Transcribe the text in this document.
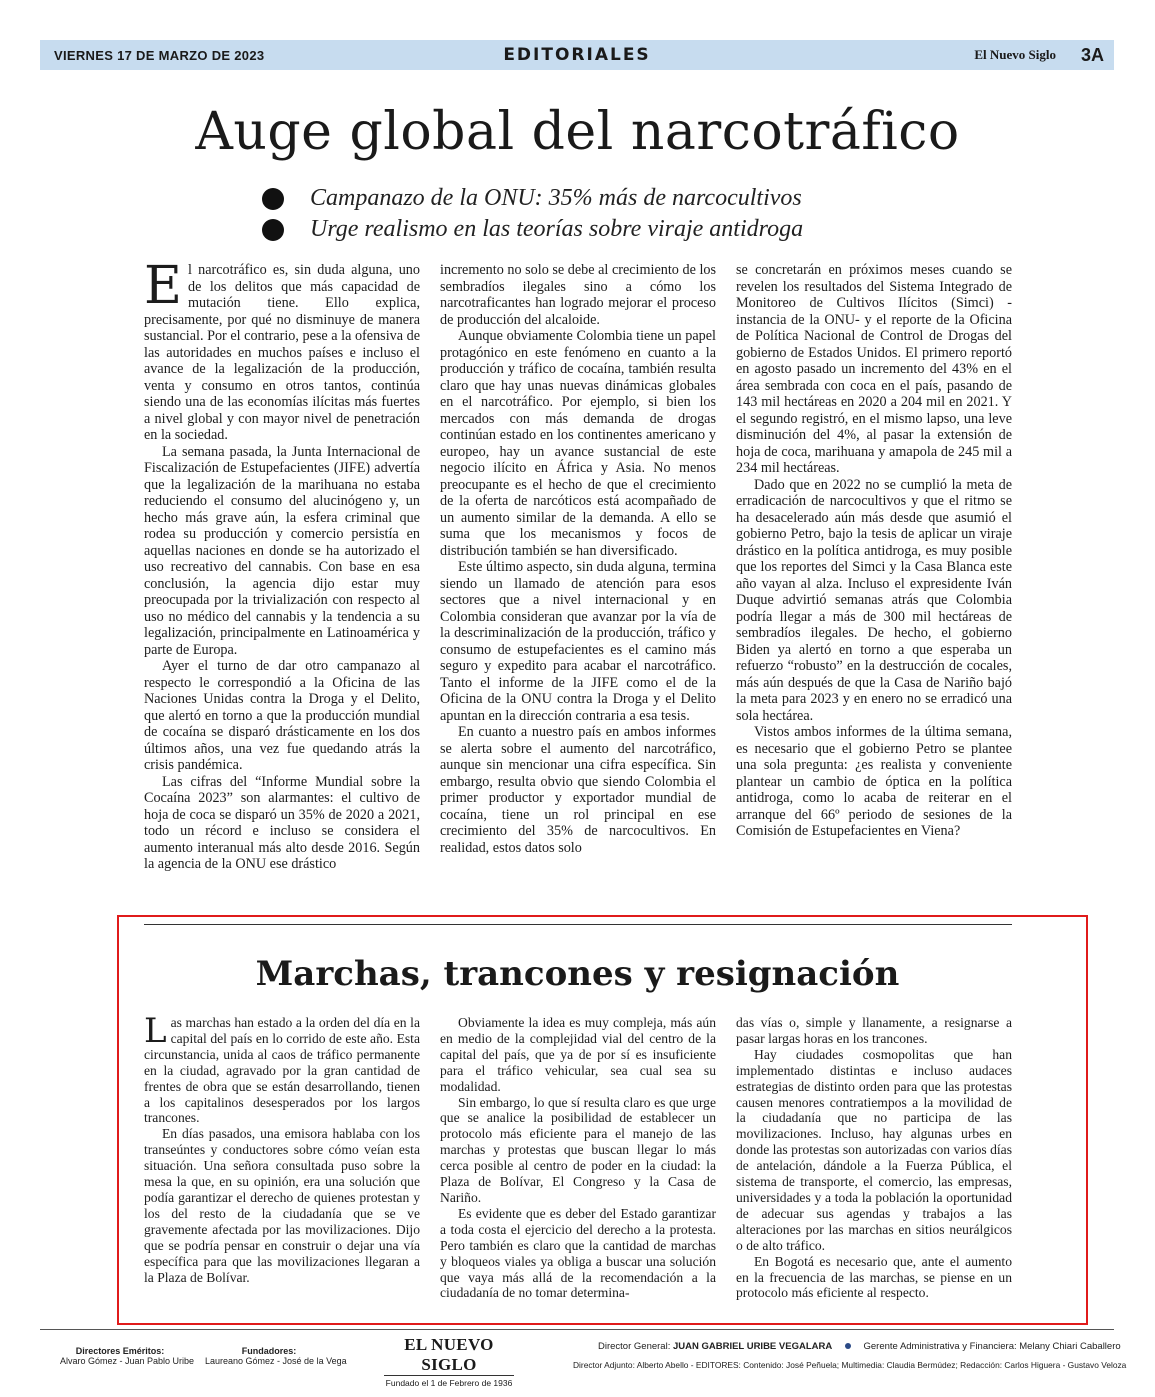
VIERNES 17 DE MARZO DE 2023	EDITORIALES	El Nuevo Siglo 3A
Auge global del narcotráfico
Campanazo de la ONU: 35% más de narcocultivos
Urge realismo en las teorías sobre viraje antidroga

El narcotráfico es, sin duda alguna, uno de los delitos que más capacidad de mutación tiene. Ello explica, precisamente, por qué no disminuye de manera sustancial. Por el contrario, pese a la ofensiva de las autoridades en muchos países e incluso el avance de la legalización de la producción, venta y consumo en otros tantos, continúa siendo una de las economías ilícitas más fuertes a nivel global y con mayor nivel de penetración en la sociedad.

La semana pasada, la Junta Internacional de Fiscalización de Estupefacientes (JIFE) advertía que la legalización de la marihuana no estaba reduciendo el consumo del alucinógeno y, un hecho más grave aún, la esfera criminal que rodea su producción y comercio persistía en aquellas naciones en donde se ha autorizado el uso recreativo del cannabis. Con base en esa conclusión, la agencia dijo estar muy preocupada por la trivialización con respecto al uso no médico del cannabis y la tendencia a su legalización, principalmente en Latinoamérica y parte de Europa.

Ayer el turno de dar otro campanazo al respecto le correspondió a la Oficina de las Naciones Unidas contra la Droga y el Delito, que alertó en torno a que la producción mundial de cocaína se disparó drásticamente en los dos últimos años, una vez fue quedando atrás la crisis pandémica.

Las cifras del “Informe Mundial sobre la Cocaína 2023” son alarmantes: el cultivo de hoja de coca se disparó un 35% de 2020 a 2021, todo un récord e incluso se considera el aumento interanual más alto desde 2016. Según la agencia de la ONU ese drástico

incremento no solo se debe al crecimiento de los sembradíos ilegales sino a cómo los narcotraficantes han logrado mejorar el proceso de producción del alcaloide.

Aunque obviamente Colombia tiene un papel protagónico en este fenómeno en cuanto a la producción y tráfico de cocaína, también resulta claro que hay unas nuevas dinámicas globales en el narcotráfico. Por ejemplo, si bien los mercados con más demanda de drogas continúan estado en los continentes americano y europeo, hay un avance sustancial de este negocio ilícito en África y Asia. No menos preocupante es el hecho de que el crecimiento de la oferta de narcóticos está acompañado de un aumento similar de la demanda. A ello se suma que los mecanismos y focos de distribución también se han diversificado.

Este último aspecto, sin duda alguna, termina siendo un llamado de atención para esos sectores que a nivel internacional y en Colombia consideran que avanzar por la vía de la descriminalización de la producción, tráfico y consumo de estupefacientes es el camino más seguro y expedito para acabar el narcotráfico. Tanto el informe de la JIFE como el de la Oficina de la ONU contra la Droga y el Delito apuntan en la dirección contraria a esa tesis.

En cuanto a nuestro país en ambos informes se alerta sobre el aumento del narcotráfico, aunque sin mencionar una cifra específica. Sin embargo, resulta obvio que siendo Colombia el primer productor y exportador mundial de cocaína, tiene un rol principal en ese crecimiento del 35% de narcocultivos. En realidad, estos datos solo

se concretarán en próximos meses cuando se revelen los resultados del Sistema Integrado de Monitoreo de Cultivos Ilícitos (Simci) -instancia de la ONU- y el reporte de la Oficina de Política Nacional de Control de Drogas del gobierno de Estados Unidos. El primero reportó en agosto pasado un incremento del 43% en el área sembrada con coca en el país, pasando de 143 mil hectáreas en 2020 a 204 mil en 2021. Y el segundo registró, en el mismo lapso, una leve disminución del 4%, al pasar la extensión de hoja de coca, marihuana y amapola de 245 mil a 234 mil hectáreas.

Dado que en 2022 no se cumplió la meta de erradicación de narcocultivos y que el ritmo se ha desacelerado aún más desde que asumió el gobierno Petro, bajo la tesis de aplicar un viraje drástico en la política antidroga, es muy posible que los reportes del Simci y la Casa Blanca este año vayan al alza. Incluso el expresidente Iván Duque advirtió semanas atrás que Colombia podría llegar a más de 300 mil hectáreas de sembradíos ilegales. De hecho, el gobierno Biden ya alertó en torno a que esperaba un refuerzo “robusto” en la destrucción de cocales, más aún después de que la Casa de Nariño bajó la meta para 2023 y en enero no se erradicó una sola hectárea.

Vistos ambos informes de la última semana, es necesario que el gobierno Petro se plantee una sola pregunta: ¿es realista y conveniente plantear un cambio de óptica en la política antidroga, como lo acaba de reiterar en el arranque del 66º periodo de sesiones de la Comisión de Estupefacientes en Viena?

Marchas, trancones y resignación

Las marchas han estado a la orden del día en la capital del país en lo corrido de este año. Esta circunstancia, unida al caos de tráfico permanente en la ciudad, agravado por la gran cantidad de frentes de obra que se están desarrollando, tienen a los capitalinos desesperados por los largos trancones.

En días pasados, una emisora hablaba con los transeúntes y conductores sobre cómo veían esta situación. Una señora consultada puso sobre la mesa la que, en su opinión, era una solución que podía garantizar el derecho de quienes protestan y los del resto de la ciudadanía que se ve gravemente afectada por las movilizaciones. Dijo que se podría pensar en construir o dejar una vía específica para que las movilizaciones llegaran a la Plaza de Bolívar.

Obviamente la idea es muy compleja, más aún en medio de la complejidad vial del centro de la capital del país, que ya de por sí es insuficiente para el tráfico vehicular, sea cual sea su modalidad.

Sin embargo, lo que sí resulta claro es que urge que se analice la posibilidad de establecer un protocolo más eficiente para el manejo de las marchas y protestas que buscan llegar lo más cerca posible al centro de poder en la ciudad: la Plaza de Bolívar, El Congreso y la Casa de Nariño.

Es evidente que es deber del Estado garantizar a toda costa el ejercicio del derecho a la protesta. Pero también es claro que la cantidad de marchas y bloqueos viales ya obliga a buscar una solución que vaya más allá de la recomendación a la ciudadanía de no tomar determina-

das vías o, simple y llanamente, a resignarse a pasar largas horas en los trancones.

Hay ciudades cosmopolitas que han implementado distintas e incluso audaces estrategias de distinto orden para que las protestas causen menores contratiempos a la movilidad de la ciudadanía que no participa de las movilizaciones. Incluso, hay algunas urbes en donde las protestas son autorizadas con varios días de antelación, dándole a la Fuerza Pública, el sistema de transporte, el comercio, las empresas, universidades y a toda la población la oportunidad de adecuar sus agendas y trabajos a las alteraciones por las marchas en sitios neurálgicos o de alto tráfico.

En Bogotá es necesario que, ante el aumento en la frecuencia de las marchas, se piense en un protocolo más eficiente al respecto.

Directores Eméritos:
Alvaro Gómez - Juan Pablo Uribe
Fundadores:
Laureano Gómez - José de la Vega
EL NUEVO SIGLO
Fundado el 1 de Febrero de 1936
Director General: JUAN GABRIEL URIBE VEGALARA	Gerente Administrativa y Financiera: Melany Chiari Caballero
Director Adjunto: Alberto Abello - EDITORES: Contenido: José Peñuela; Multimedia: Claudia Bermúdez; Redacción: Carlos Higuera - Gustavo Veloza
